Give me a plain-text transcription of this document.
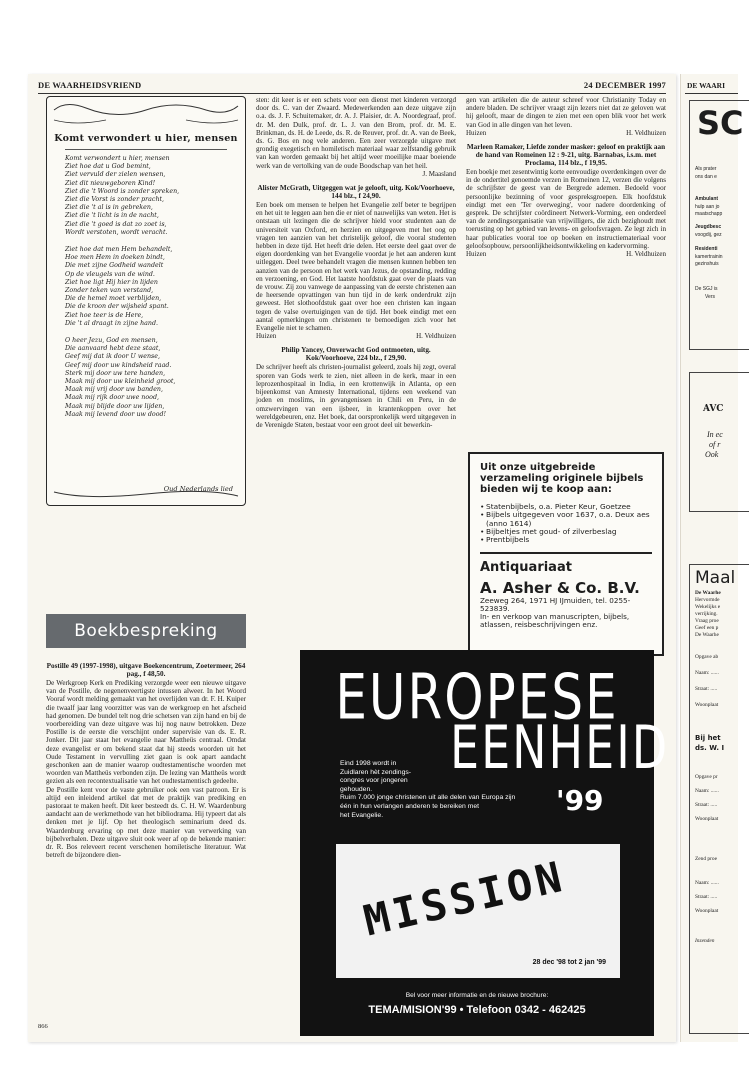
DE WAARHEIDSVRIEND	24 DECEMBER 1997
Komt verwondert u hier, mensen
Komt verwondert u hier, mensen
Ziet hoe dat u God bemint,
Ziet vervuld der zielen wensen,
Ziet dit nieuwgeboren Kind!
Ziet die 't Woord is zonder spreken,
Ziet die Vorst is zonder pracht,
Ziet die 't al is in gebreken,
Ziet die 't licht is in de nacht,
Ziet die 't goed is dat zo zoet is,
Wordt verstoten, wordt veracht.
Ziet hoe dat men Hem behandelt,
Hoe men Hem in doeken bindt,
Die met zijne Godheid wandelt
Op de vleugels van de wind.
Ziet hoe ligt Hij hier in lijden
Zonder teken van verstand,
Die de hemel moet verblijden,
Die de kroon der wijsheid spant.
Ziet hoe teer is de Here,
Die 't al draagt in zijne hand.
O heer Jezu, God en mensen,
Die aanvaard hebt deze staat,
Geef mij dat ik door U wense,
Geef mij door uw kindsheid raad.
Sterk mij door uw tere handen,
Maak mij door uw kleinheid groot,
Maak mij vrij door uw banden,
Maak mij rijk door uwe nood,
Maak mij blijde door uw lijden,
Maak mij levend door uw dood!
Oud Nederlands lied
Boekbespreking
Postille 49 (1997-1998), uitgave Boekencentrum, Zoetermeer, 264 pag., f 48,50.

De Werkgroep Kerk en Prediking verzorgde weer een nieuwe uitgave van de Postille, de negenenveertigste intussen alweer. In het Woord Vooraf wordt melding gemaakt van het overlijden van dr. F. H. Kuiper die twaalf jaar lang voorzitter was van de werkgroep en het afscheid had genomen. De bundel telt nog drie schetsen van zijn hand en bij de voorbereiding van deze uitgave was hij nog nauw betrokken. Deze Postille is de eerste die verschijnt onder supervisie van ds. E. R. Jonker. Dit jaar staat het evangelie naar Mattheüs centraal. Omdat deze evangelist er om bekend staat dat hij steeds woorden uit het Oude Testament in vervulling ziet gaan is ook apart aandacht geschonken aan de manier waarop oudtestamentische woorden met woorden van Mattheüs verbonden zijn. De lezing van Mattheüs wordt gezien als een recontextualisatie van het oudtestamentisch gedeelte.

De Postille kent voor de vaste gebruiker ook een vast patroon. Er is altijd een inleidend artikel dat met de praktijk van prediking en pastoraat te maken heeft. Dit keer besteedt ds. C. H. W. Waardenburg aandacht aan de werkmethode van het bibliodrama. Hij typeert dat als denken met je lijf. Op het theologisch seminarium deed ds. Waardenburg ervaring op met deze manier van verwerking van bijbelverhalen. Deze uitgave sluit ook weer af op de bekende manier: dr. R. Bos releveert recent verschenen homiletische literatuur. Wat betreft de bijzondere dien-

sten: dit keer is er een schets voor een dienst met kinderen verzorgd door ds. C. van der Zwaard. Medewerkenden aan deze uitgave zijn o.a. ds. J. F. Schuitemaker, dr. A. J. Plaisier, dr. A. Noordegraaf, prof. dr. M. den Dulk, prof. dr. L. J. van den Brom, prof. dr. M. E. Brinkman, ds. H. de Leede, ds. R. de Reuver, prof. dr. A. van de Beek, ds. G. Bos en nog vele anderen. Een zeer verzorgde uitgave met grondig exegetisch en homiletisch materiaal waar zelfstandig gebruik van kan worden gemaakt bij het altijd weer moeilijke maar boeiende werk van de vertolking van de oude Boodschap van het heil.

J. Maasland

Alister McGrath, Uitgeggen wat je gelooft, uitg. Kok/Voorhoeve, 144 blz., f 24,90.

Een boek om mensen te helpen het Evangelie zelf beter te begrijpen en het uit te leggen aan hen die er niet of nauwelijks van weten. Het is ontstaan uit lezingen die de schrijver hield voor studenten aan de universiteit van Oxford, en herzien en uitgegeven met het oog op vragen ten aanzien van het christelijk geloof, die vooral studenten hebben in deze tijd. Het heeft drie delen. Het eerste deel gaat over de eigen doordenking van het Evangelie voordat je het aan anderen kunt uitleggen. Deel twee behandelt vragen die mensen kunnen hebben ten aanzien van de persoon en het werk van Jezus, de opstanding, redding en verzoening, en God. Het laatste hoofdstuk gaat over de plaats van de vrouw. Zij zou vanwege de aanpassing van de eerste christenen aan de heersende opvattingen van hun tijd in de kerk onderdrukt zijn geweest. Het slothoofdstuk gaat over hoe een christen kan ingaan tegen de valse overtuigingen van de tijd. Het boek eindigt met een aantal opmerkingen om christenen te bemoedigen zich voor het Evangelie niet te schamen.

Huizen	H. Veldhuizen
Philip Yancey, Onverwacht God ontmoeten, uitg. Kok/Voorhoeve, 224 blz., f 29,90.

De schrijver heeft als christen-journalist geleerd, zoals hij zegt, overal sporen van Gods werk te zien, niet alleen in de kerk, maar in een leprozenhospitaal in India, in een krottenwijk in Atlanta, op een bijeenkomst van Amnesty International, tijdens een weekend van joden en moslims, in gevangenissen in Chili en Peru, in de omzwervingen van een ijsbeer, in krantenkoppen over het wereldgebeuren, enz. Het boek, dat oorspronkelijk werd uitgegeven in de Verenigde Staten, bestaat voor een groot deel uit bewerkin-

gen van artikelen die de auteur schreef voor Christianity Today en andere bladen. De schrijver vraagt zijn lezers niet dat ze geloven wat hij gelooft, maar de dingen te zien met een open blik voor het werk van God in alle dingen van het leven.

Huizen	H. Veldhuizen
Marleen Ramaker, Liefde zonder masker: geloof en praktijk aan de hand van Romeinen 12 : 9-21, uitg. Barnabas, i.s.m. met Proclama, 114 blz., f 19,95.

Een boekje met zesentwintig korte eenvoudige overdenkingen over de in de ondertitel genoemde verzen in Romeinen 12, verzen die volgens de schrijfster de geest van de Bergrede ademen. Bedoeld voor persoonlijke bezinning of voor gespreksgroepen. Elk hoofdstuk eindigt met een 'Ter overweging', voor nadere doordenking of gesprek. De schrijfster coördineert Netwerk-Vorming, een onderdeel van de zendingsorganisatie van vrijwilligers, die zich bezighoudt met toerusting op het gebied van levens- en geloofsvragen. Ze legt zich in haar publicaties vooral toe op boeken en instructiemateriaal voor geloofsopbouw, persoonlijkheidsontwikkeling en kadervorming.

Huizen	H. Veldhuizen
Uit onze uitgebreide verzameling originele bijbels bieden wij te koop aan:
• Statenbijbels, o.a. Pieter Keur, Goetzee
• Bijbels uitgegeven voor 1637, o.a. Deux aes (anno 1614)
• Bijbeltjes met goud- of zilverbeslag
• Prentbijbels
Antiquariaat
A. Asher & Co. B.V.
Zeeweg 264, 1971 HJ IJmuiden, tel. 0255-523839.
In- en verkoop van manuscripten, bijbels, atlassen, reisbeschrijvingen enz.
EUROPESE
EENHEID
Eind 1998 wordt in
Zuidlaren hèt zendings-
congres voor jongeren
gehouden.
Ruim 7.000 jonge christenen uit alle delen van Europa zijn
één in hun verlangen anderen te bereiken met
het Evangelie.	'99
MISSION
28 dec '98 tot 2 jan '99
Bel voor meer informatie en de nieuwe brochure:
TEMA/MISION'99 • Telefoon 0342 - 462425
866
DE WAARI
SC
Als prater
ons dan e
Ambulant
hulp aan jo
maatschapp
Jeugdbesc
voogdij, gez
Residenti
kamertrainin
gezinshuis
De SGJ is
Vers
AVC
In ec
of r
Ook
Maal
De Waarhe
Hervormde
Wekelijks e
verrijking.
Vraag proe
Geef een p
De Waarhe
Opgave ab
Naam: ......
Straat: .....
Woonplaat
Bij het
ds. W. I
Opgave pr
Naam: ......
Straat: .....
Woonplaat
Zend proe
Naam: ......
Straat: .....
Woonplaat
Inzenden
